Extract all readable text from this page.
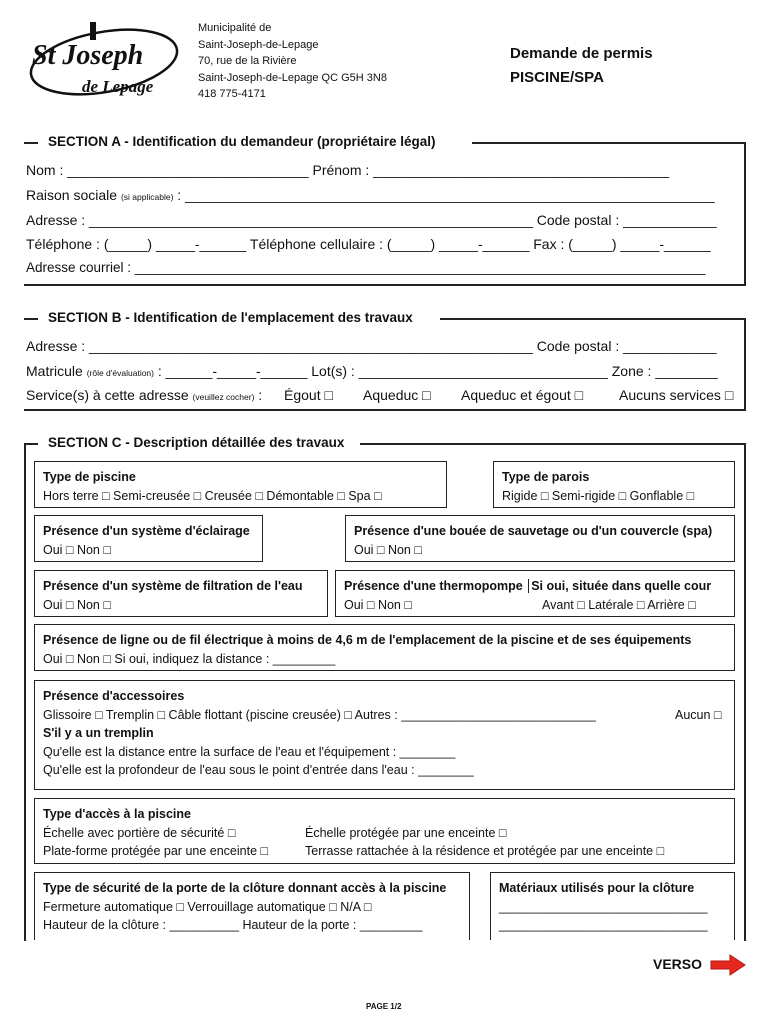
St Joseph
de Lepage
Municipalité de
Saint-Joseph-de-Lepage
70, rue de la Rivière
Saint-Joseph-de-Lepage QC G5H 3N8
418 775-4171
Demande de permis
PISCINE/SPA
SECTION A - Identification du demandeur (propriétaire légal)
Nom : _______________________________ Prénom : ______________________________________
Raison sociale (si applicable) : ____________________________________________________________________
Adresse : _________________________________________________________ Code postal : ____________
Téléphone : (_____) _____-______ Téléphone cellulaire : (_____) _____-______ Fax : (_____) _____-______
Adresse courriel : ____________________________________________________________________________
SECTION B - Identification de l'emplacement des travaux
Adresse : _________________________________________________________ Code postal : ____________
Matricule (rôle d'évaluation) : ______-_____-______ Lot(s) : ________________________________ Zone : ________
Service(s) à cette adresse (veuillez cocher) : Égout □ Aqueduc □ Aqueduc et égout □	Aucuns services □
SECTION C - Description détaillée des travaux
Type de piscine
Hors terre □ Semi-creusée □ Creusée □ Démontable □ Spa □
Type de parois
Rigide □ Semi-rigide □ Gonflable □
Présence d'un système d'éclairage
Oui □ Non □
Présence d'une bouée de sauvetage ou d'un couvercle (spa)
Oui □ Non □
Présence d'un système de filtration de l'eau
Oui □ Non □
Présence d'une thermopompe Si oui, située dans quelle cour
Oui □ Non □	Avant □ Latérale □ Arrière □
Présence de ligne ou de fil électrique à moins de 4,6 m de l'emplacement de la piscine et de ses équipements
Oui □ Non □ Si oui, indiquez la distance : _________
Présence d'accessoires
Glissoire □ Tremplin □ Câble flottant (piscine creusée) □ Autres : ____________________________	Aucun □
S'il y a un tremplin
Qu'elle est la distance entre la surface de l'eau et l'équipement : ________
Qu'elle est la profondeur de l'eau sous le point d'entrée dans l'eau : ________
Type d'accès à la piscine
Échelle avec portière de sécurité □	Échelle protégée par une enceinte □
Plate-forme protégée par une enceinte □	Terrasse rattachée à la résidence et protégée par une enceinte □
Type de sécurité de la porte de la clôture donnant accès à la piscine
Fermeture automatique □ Verrouillage automatique □ N/A □
Hauteur de la clôture : __________ Hauteur de la porte : _________
Matériaux utilisés pour la clôture
______________________________
______________________________
VERSO
PAGE 1/2
